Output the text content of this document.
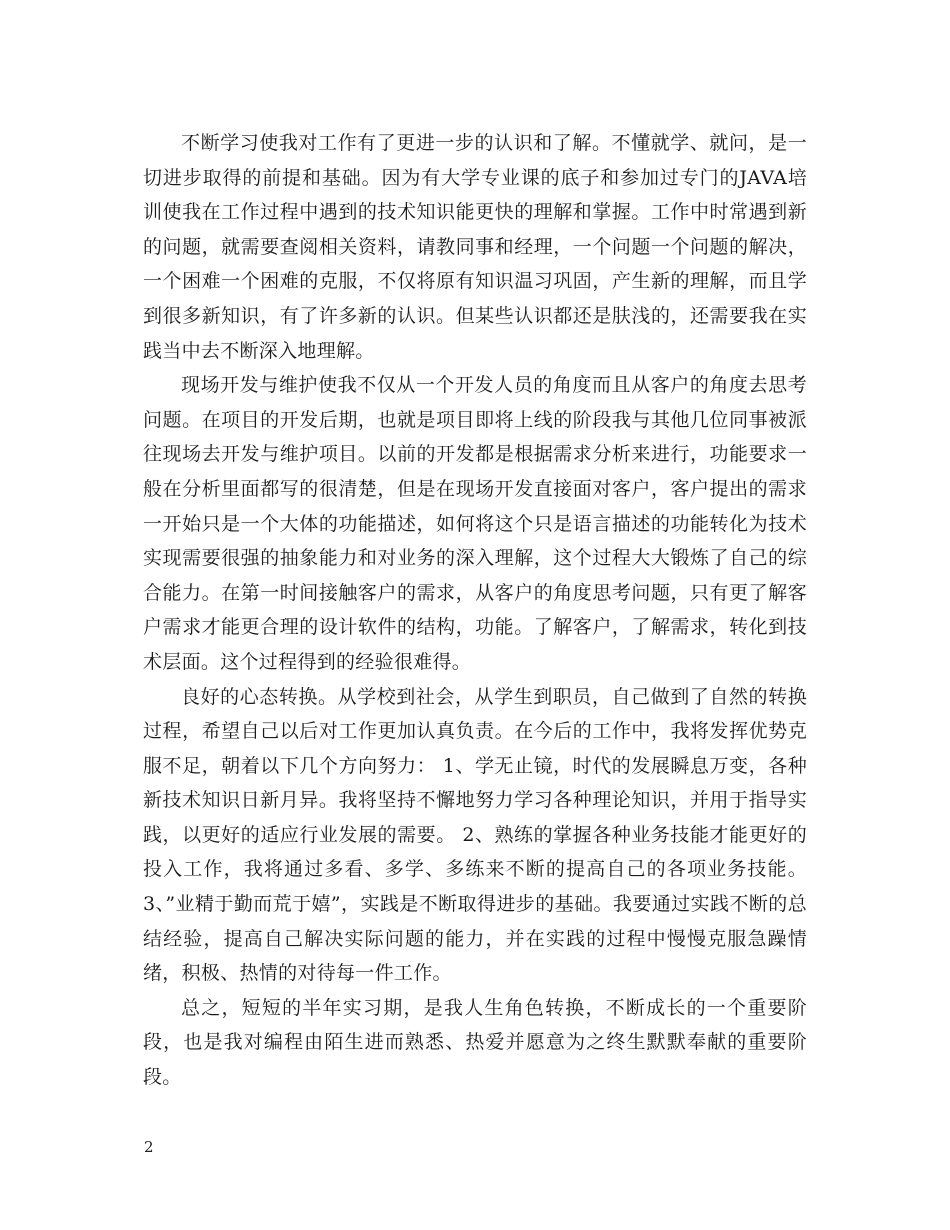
不断学习使我对工作有了更进一步的认识和了解。不懂就学、就问，是一切进步取得的前提和基础。因为有大学专业课的底子和参加过专门的JAVA培训使我在工作过程中遇到的技术知识能更快的理解和掌握。工作中时常遇到新的问题，就需要查阅相关资料，请教同事和经理，一个问题一个问题的解决，一个困难一个困难的克服，不仅将原有知识温习巩固，产生新的理解，而且学到很多新知识，有了许多新的认识。但某些认识都还是肤浅的，还需要我在实践当中去不断深入地理解。

现场开发与维护使我不仅从一个开发人员的角度而且从客户的角度去思考问题。在项目的开发后期，也就是项目即将上线的阶段我与其他几位同事被派往现场去开发与维护项目。以前的开发都是根据需求分析来进行，功能要求一般在分析里面都写的很清楚，但是在现场开发直接面对客户，客户提出的需求一开始只是一个大体的功能描述，如何将这个只是语言描述的功能转化为技术实现需要很强的抽象能力和对业务的深入理解，这个过程大大锻炼了自己的综合能力。在第一时间接触客户的需求，从客户的角度思考问题，只有更了解客户需求才能更合理的设计软件的结构，功能。了解客户，了解需求，转化到技术层面。这个过程得到的经验很难得。

良好的心态转换。从学校到社会，从学生到职员，自己做到了自然的转换过程，希望自己以后对工作更加认真负责。在今后的工作中，我将发挥优势克服不足，朝着以下几个方向努力： 1、学无止镜，时代的发展瞬息万变，各种新技术知识日新月异。我将坚持不懈地努力学习各种理论知识，并用于指导实践，以更好的适应行业发展的需要。 2、熟练的掌握各种业务技能才能更好的投入工作，我将通过多看、多学、多练来不断的提高自己的各项业务技能。 3、”业精于勤而荒于嬉”，实践是不断取得进步的基础。我要通过实践不断的总结经验，提高自己解决实际问题的能力，并在实践的过程中慢慢克服急躁情绪，积极、热情的对待每一件工作。

总之，短短的半年实习期，是我人生角色转换，不断成长的一个重要阶段，也是我对编程由陌生进而熟悉、热爱并愿意为之终生默默奉献的重要阶段。

2
